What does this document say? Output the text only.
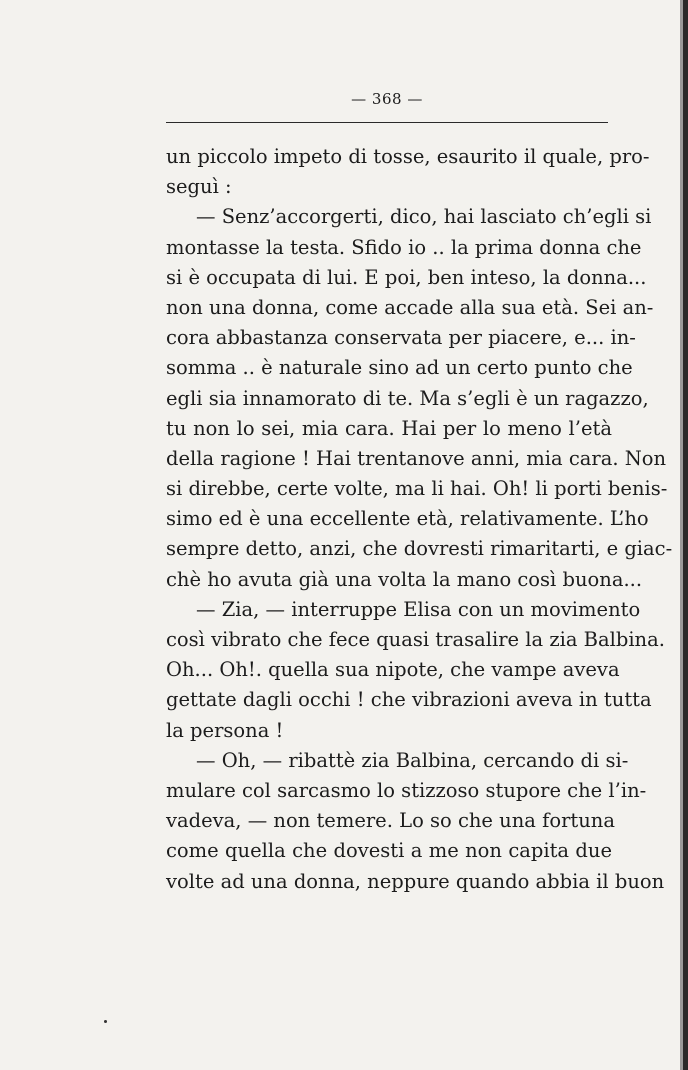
— 368 —
un piccolo impeto di tosse, esaurito il quale, pro-
seguì :
— Senz’accorgerti, dico, hai lasciato ch’egli si
montasse la testa. Sfido io .. la prima donna che
si è occupata di lui. E poi, ben inteso, la donna...
non una donna, come accade alla sua età. Sei an-
cora abbastanza conservata per piacere, e... in-
somma .. è naturale sino ad un certo punto che
egli sia innamorato di te. Ma s’egli è un ragazzo,
tu non lo sei, mia cara. Hai per lo meno l’età
della ragione ! Hai trentanove anni, mia cara. Non
si direbbe, certe volte, ma li hai. Oh! li porti benis-
simo ed è una eccellente età, relativamente. L’ho
sempre detto, anzi, che dovresti rimaritarti, e giac-
chè ho avuta già una volta la mano così buona...
— Zia, — interruppe Elisa con un movimento
così vibrato che fece quasi trasalire la zia Balbina.
Oh... Oh!. quella sua nipote, che vampe aveva
gettate dagli occhi ! che vibrazioni aveva in tutta
la persona !
— Oh, — ribattè zia Balbina, cercando di si-
mulare col sarcasmo lo stizzoso stupore che l’in-
vadeva, — non temere. Lo so che una fortuna
come quella che dovesti a me non capita due
volte ad una donna, neppure quando abbia il buon
